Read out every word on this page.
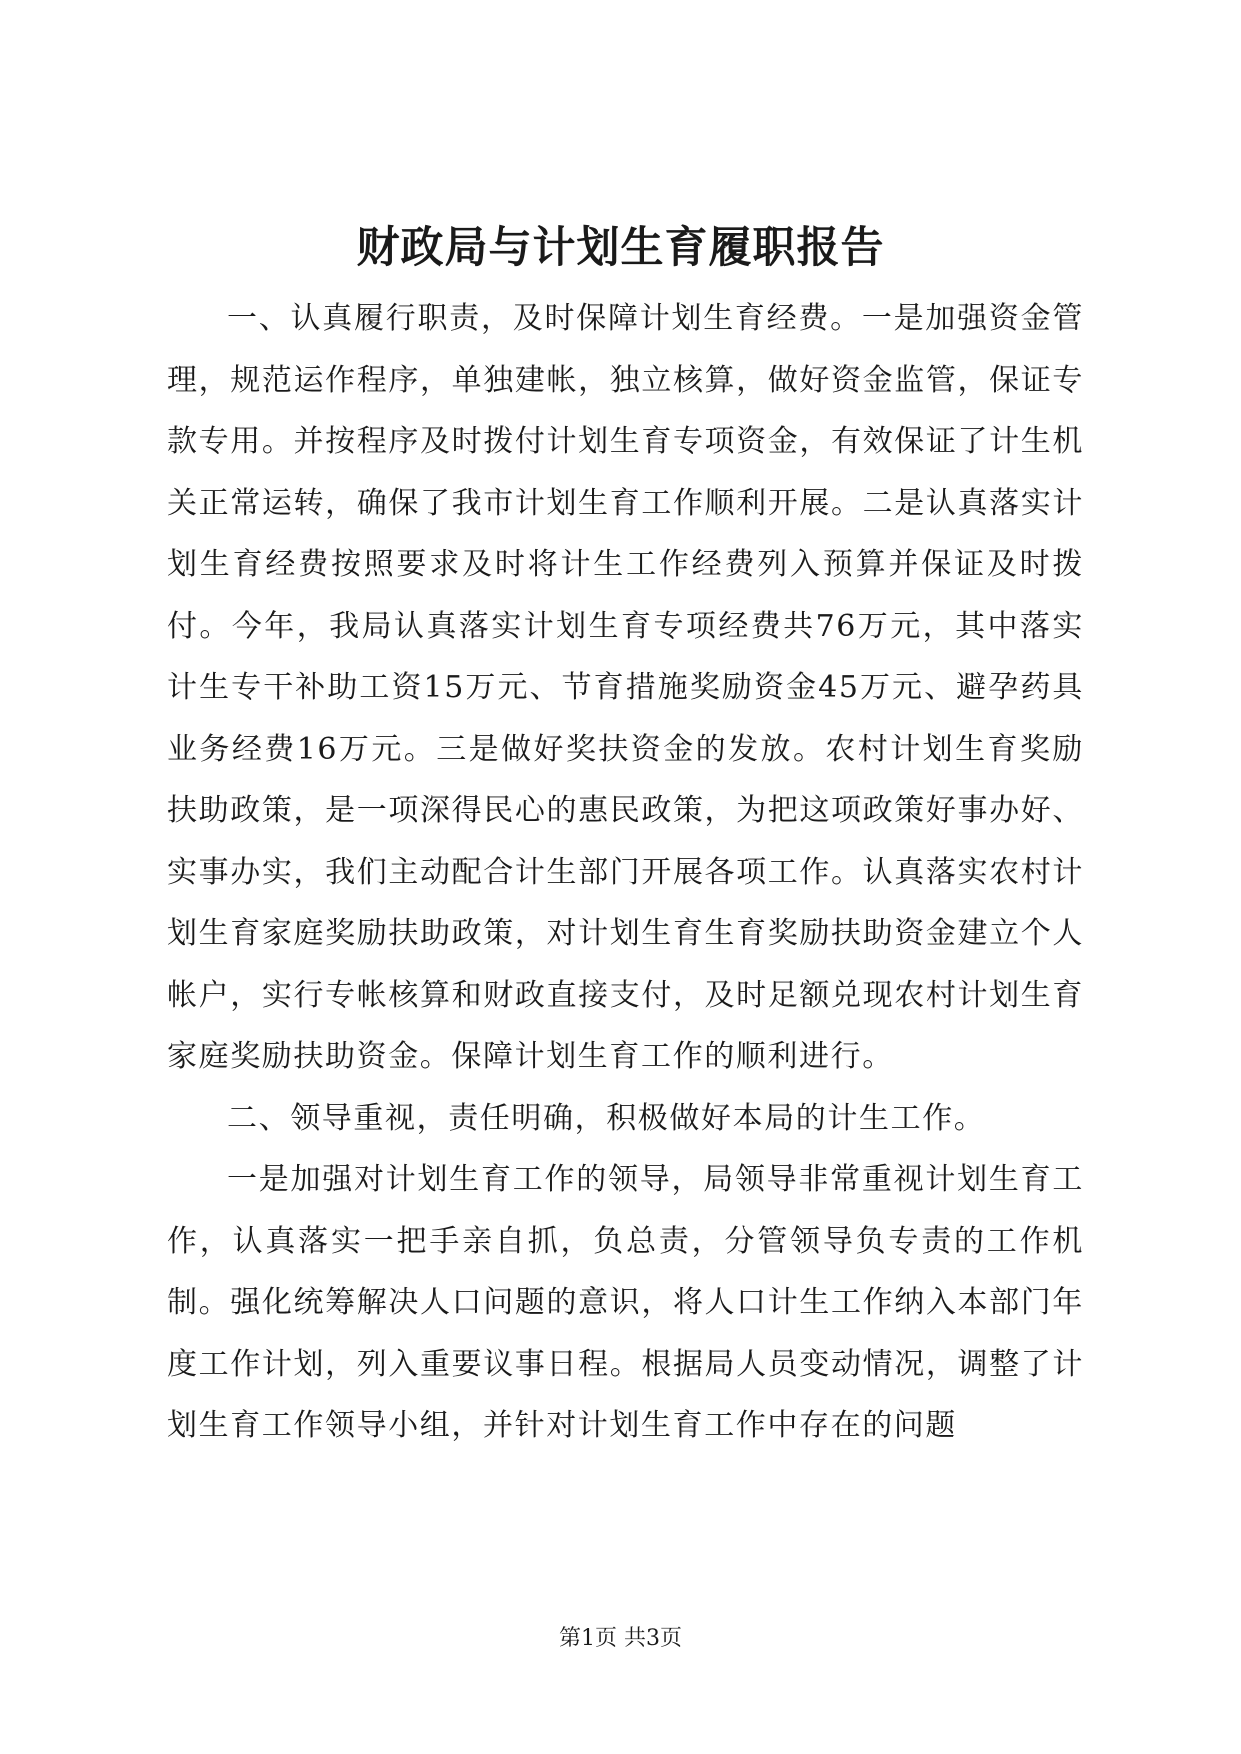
财政局与计划生育履职报告

一、认真履行职责，及时保障计划生育经费。一是加强资金管理，规范运作程序，单独建帐，独立核算，做好资金监管，保证专款专用。并按程序及时拨付计划生育专项资金，有效保证了计生机关正常运转，确保了我市计划生育工作顺利开展。二是认真落实计划生育经费按照要求及时将计生工作经费列入预算并保证及时拨付。今年，我局认真落实计划生育专项经费共76万元，其中落实计生专干补助工资15万元、节育措施奖励资金45万元、避孕药具业务经费16万元。三是做好奖扶资金的发放。农村计划生育奖励扶助政策，是一项深得民心的惠民政策，为把这项政策好事办好、实事办实，我们主动配合计生部门开展各项工作。认真落实农村计划生育家庭奖励扶助政策，对计划生育生育奖励扶助资金建立个人帐户，实行专帐核算和财政直接支付，及时足额兑现农村计划生育家庭奖励扶助资金。保障计划生育工作的顺利进行。

二、领导重视，责任明确，积极做好本局的计生工作。

一是加强对计划生育工作的领导，局领导非常重视计划生育工作，认真落实一把手亲自抓，负总责，分管领导负专责的工作机制。强化统筹解决人口问题的意识，将人口计生工作纳入本部门年度工作计划，列入重要议事日程。根据局人员变动情况，调整了计划生育工作领导小组，并针对计划生育工作中存在的问题

第1页 共3页
